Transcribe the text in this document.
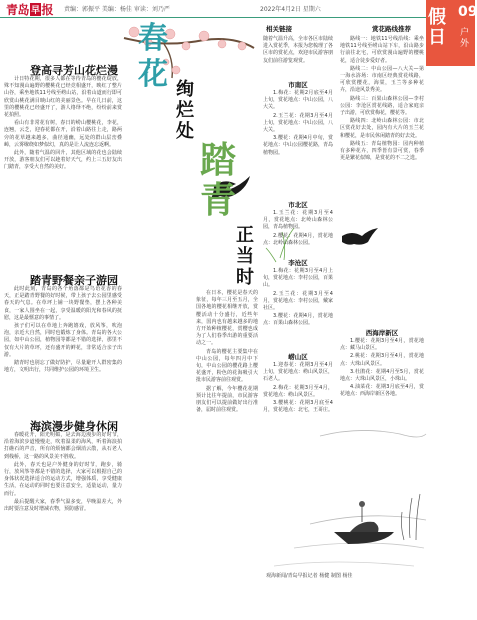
青岛 早 报 责编：郭振平 美编：杨佳 审读：刘乃严	2022年4月2日 星期六	假日
09
户外
登高寻芳山花烂漫

计日特花期，很多人都在等待青岛的樱花绽放，殊不知漫山遍野的樱桃花已经竞相盛开，映红了整片山谷，乘坐地铁11号线至崂山站，沿着山道而行即可欣赏山桃花满目映山红的美丽景色。早在几日前，这里的樱桃花已经盛开了，游人络绎不绝，纷纷前来赏花拍照。

看山有非常花有树，春日的崂山樱桃花，李花，连翘，云芝，迎春花都在开，沿着山路往上走，路两旁的花草越来越多，曲径通幽，远处的群山层峦叠嶂，云雾缭绕如梦似幻，真的是让人流连忘返啊。

此外，随着气温的回升，其他区域的花也会陆续开放，游客朋友们可以趁着好天气，约上三五好友出门踏青，享受大自然的美好。

踏青野餐亲子游园

此时此刻，青岛的各个角落都是鸟语花香的春天，正是踏青野餐的好时候，带上孩子去公园里感受春天的气息。在草坪上铺一块野餐垫，摆上各种美食，一家人围坐在一起，享受温暖的阳光和春风的抚慰，这是最惬意的事情了。

孩子们可以在草地上奔跑嬉戏，放风筝，吹泡泡，亲近大自然，同时也锻炼了身体。青岛的各大公园，如中山公园，植物园等都是不错的选择，那里不仅有大片的草坪，还有盛开的鲜花，非常适合亲子出游。

踏青时也别忘了做好防护，尽量避开人群密集的地方，文明出行，共同维护公园的环境卫生。

海滨漫步健身休闲

春暖花开，阳光明媚，是去海边漫步的好时节，沿着海滨步道慢慢走，吹着温柔的海风，听着海浪拍打礁石的声音，所有的烦恼都会烟消云散，从石老人到栈桥，这一路的风景美不胜收。

此外，春天也是户外健身的好时节，跑步，骑行，放风筝等都是不错的选择，大家可以根据自己的身体状况选择适合的运动方式，增强体质，享受健康生活，在运动的同时也要注意安全，适量运动，量力而行。

最后提醒大家，春季气温多变，早晚温差大，外出时要注意及时增减衣物，预防感冒。

春
花 绚
烂
处
踏
青
正
当
时
相关链接
随着气温升高，全市各区市陆续进入赏花季，本报为您梳理了各区市的赏花点，欢迎市民游客朋友们前往游览观赏。
市南区

1.梅花：花期2月底至4月上旬，赏花地点：中山公园，八大关。

2.玉兰花：花期3月至4月上旬，赏花地点：中山公园，八大关。

3.樱花：花期4月中旬，赏花地点：中山公园樱花路，青岛植物园。

市北区

1.玉兰花：花期3月至4月，赏花地点：北岭山森林公园，青岛植物园。

2.樱花：花期4月，赏花地点：北岭山森林公园。

李沧区

1.梅花：花期3月至4月上旬，赏花地点：李村公园，百果山。

2.玉兰花：花期3月至4月，赏花地点：李村公园，戴家社区。

3.樱花：花期4月，赏花地点：百果山森林公园。

崂山区

1.迎春花：花期3月至4月上旬，赏花地点：崂山风景区，石老人。

2.梅花：花期3月至4月，赏花地点：崂山风景区。

3.樱桃花：花期3月底至4月，赏花地点：北宅，王哥庄。

在日本，樱花是春天的象征，每年三月至五月，全国各地的樱花相继开放，赏樱活动十分盛行，近些年来，国内也有越来越多的地方开始种植樱花，赏樱也成为了人们春季出游的重要活动之一。

青岛的樱花主要集中在中山公园，每年四月中下旬，中山公园的樱花路上樱花盛开，粉色的花海吸引大批市民游客前往观赏。

据了解，今年樱花花期预计比往年提前，市民游客朋友们可以提前做好出行准备，届时前往观赏。

赏花路线推荐

路线一：地铁11号线沿线：乘坐地铁11号线至崂山站下车，沿山路步行前往北宅，可欣赏漫山遍野的樱桃花，适合徒步爱好者。

路线二：中山公园—八大关—第一海水浴场：市南区经典赏花线路，可欣赏樱花，海棠，玉兰等多种花卉，沿途风景秀美。

路线三：百果山森林公园—李村公园：李沧区赏花线路，适合家庭亲子出游，可欣赏梅花，樱花等。

路线四：北岭山森林公园：市北区赏花好去处，园内有大片的玉兰花和樱花，是市民休闲踏青的好去处。

路线五：青岛植物园：园内种植有多种花卉，四季皆有景可赏，春季更是繁花似锦，是赏花的不二之选。

西海岸新区

1.樱花：花期3月至4月，赏花地点：藏马山景区。

2.桃花：花期3月至4月，赏花地点：大珠山风景区。

3.杜鹃花：花期4月至5月，赏花地点：大珠山风景区，小珠山。

4.油菜花：花期3月底至4月，赏花地点：西海岸新区各地。

观海新闻/青岛早报记者 杨健 制图 杨佳
